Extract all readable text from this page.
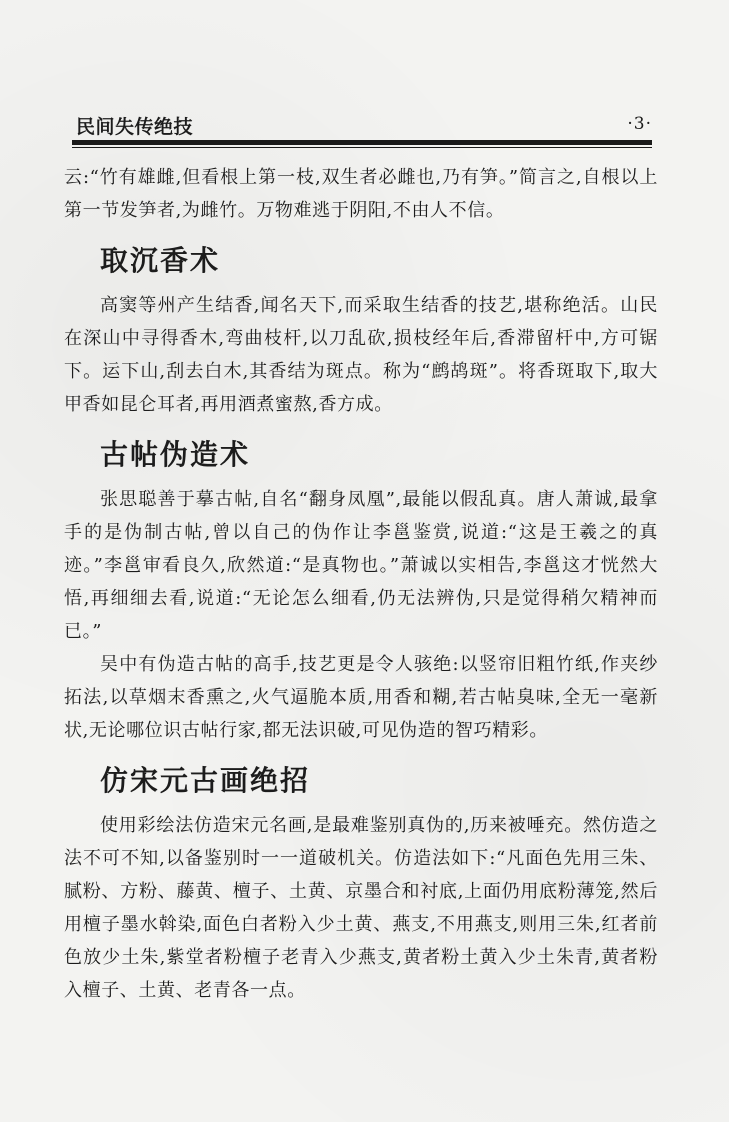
民间失传绝技	·3·

云:“竹有雄雌,但看根上第一枝,双生者必雌也,乃有笋。”简言之,自根以上第一节发笋者,为雌竹。万物难逃于阴阳,不由人不信。

取沉香术

高窦等州产生结香,闻名天下,而采取生结香的技艺,堪称绝活。山民在深山中寻得香木,弯曲枝杆,以刀乱砍,损枝经年后,香滞留杆中,方可锯下。运下山,刮去白木,其香结为斑点。称为“鹧鸪斑”。将香斑取下,取大甲香如昆仑耳者,再用酒煮蜜熬,香方成。

古帖伪造术

张思聪善于摹古帖,自名“翻身凤凰”,最能以假乱真。唐人萧诚,最拿手的是伪制古帖,曾以自己的伪作让李邕鉴赏,说道:“这是王羲之的真迹。”李邕审看良久,欣然道:“是真物也。”萧诚以实相告,李邕这才恍然大悟,再细细去看,说道:“无论怎么细看,仍无法辨伪,只是觉得稍欠精神而已。”

吴中有伪造古帖的高手,技艺更是令人骇绝:以竖帘旧粗竹纸,作夹纱拓法,以草烟末香熏之,火气逼脆本质,用香和糊,若古帖臭味,全无一毫新状,无论哪位识古帖行家,都无法识破,可见伪造的智巧精彩。

仿宋元古画绝招

使用彩绘法仿造宋元名画,是最难鉴别真伪的,历来被唾充。然仿造之法不可不知,以备鉴别时一一道破机关。仿造法如下:“凡面色先用三朱、腻粉、方粉、藤黄、檀子、土黄、京墨合和衬底,上面仍用底粉薄笼,然后用檀子墨水斡染,面色白者粉入少土黄、燕支,不用燕支,则用三朱,红者前色放少土朱,紫堂者粉檀子老青入少燕支,黄者粉土黄入少土朱青,黄者粉入檀子、土黄、老青各一点。
